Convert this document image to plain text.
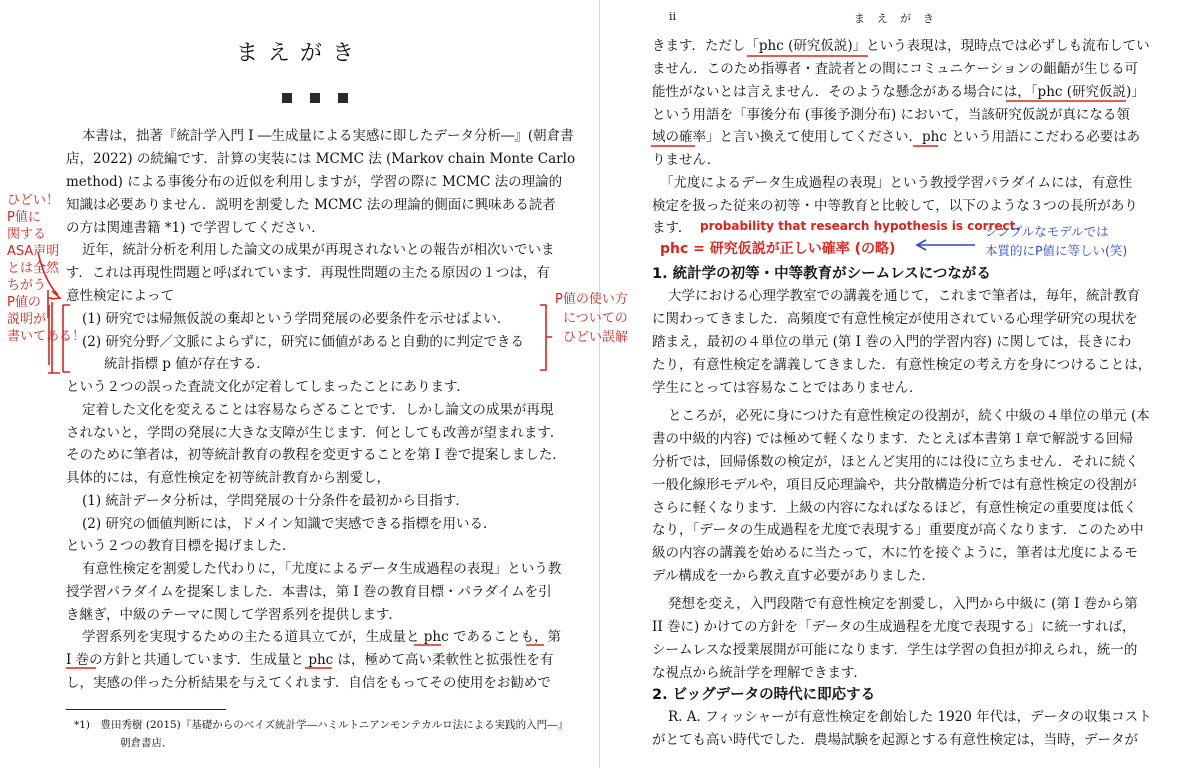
まえがき
本書は，拙著『統計学入門 I ―生成量による実感に即したデータ分析―』(朝倉書
店，2022) の続編です．計算の実装には MCMC 法 (Markov chain Monte Carlo
method) による事後分布の近似を利用しますが，学習の際に MCMC 法の理論的
知識は必要ありません．説明を割愛した MCMC 法の理論的側面に興味ある読者
の方は関連書籍 *1) で学習してください．
近年，統計分析を利用した論文の成果が再現されないとの報告が相次いでいま
す．これは再現性問題と呼ばれています．再現性問題の主たる原因の１つは，有
意性検定によって
(1) 研究では帰無仮説の棄却という学問発展の必要条件を示せばよい．
(2) 研究分野／文脈によらずに，研究に価値があると自動的に判定できる
統計指標 p 値が存在する．
という２つの誤った査読文化が定着してしまったことにあります．
定着した文化を変えることは容易ならざることです．しかし論文の成果が再現
されないと，学問の発展に大きな支障が生じます．何としても改善が望まれます．
そのために筆者は，初等統計教育の教程を変更することを第 I 巻で提案しました．
具体的には，有意性検定を初等統計教育から割愛し，
(1) 統計データ分析は，学問発展の十分条件を最初から目指す．
(2) 研究の価値判断には，ドメイン知識で実感できる指標を用いる．
という２つの教育目標を掲げました．
有意性検定を割愛した代わりに，「尤度によるデータ生成過程の表現」という教
授学習パラダイムを提案しました．本書は，第 I 巻の教育目標・パラダイムを引
き継ぎ，中級のテーマに関して学習系列を提供します．
学習系列を実現するための主たる道具立てが，生成量と phc であることも，第
I 巻の方針と共通しています．生成量と phc は，極めて高い柔軟性と拡張性を有
し，実感の伴った分析結果を与えてくれます．自信をもってその使用をお勧めで
*1)　豊田秀樹 (2015)『基礎からのベイズ統計学―ハミルトニアンモンテカルロ法による実践的入門―』
朝倉書店．
ii	まえがき
きます．ただし「phc (研究仮説)」という表現は，現時点では必ずしも流布してい
ません．このため指導者・査読者との間にコミュニケーションの齟齬が生じる可
能性がないとは言えません．そのような懸念がある場合には，「phc (研究仮説)」
という用語を「事後分布 (事後予測分布) において，当該研究仮説が真になる領
域の確率」と言い換えて使用してください．phc という用語にこだわる必要はあ
りません．
「尤度によるデータ生成過程の表現」という教授学習パラダイムには，有意性
検定を扱った従来の初等・中等教育と比較して，以下のような３つの長所があり
ます．
1. 統計学の初等・中等教育がシームレスにつながる
大学における心理学教室での講義を通じて，これまで筆者は，毎年，統計教育
に関わってきました．高頻度で有意性検定が使用されている心理学研究の現状を
踏まえ，最初の４単位の単元 (第 I 巻の入門的学習内容) に関しては，長きにわ
たり，有意性検定を講義してきました．有意性検定の考え方を身につけることは，
学生にとっては容易なことではありません．
ところが，必死に身につけた有意性検定の役割が，続く中級の４単位の単元 (本
書の中級的内容) では極めて軽くなります．たとえば本書第１章で解説する回帰
分析では，回帰係数の検定が，ほとんど実用的には役に立ちません．それに続く
一般化線形モデルや，項目反応理論や，共分散構造分析では有意性検定の役割が
さらに軽くなります．上級の内容になればなるほど，有意性検定の重要度は低く
なり，「データの生成過程を尤度で表現する」重要度が高くなります．このため中
級の内容の講義を始めるに当たって，木に竹を接ぐように，筆者は尤度によるモ
デル構成を一から教え直す必要がありました．
発想を変え，入門段階で有意性検定を割愛し，入門から中級に (第 I 巻から第
II 巻に) かけての方針を「データの生成過程を尤度で表現する」に統一すれば，
シームレスな授業展開が可能になります．学生は学習の負担が抑えられ，統一的
な視点から統計学を理解できます．
2. ビッグデータの時代に即応する
R. A. フィッシャーが有意性検定を創始した 1920 年代は，データの収集コスト
がとても高い時代でした．農場試験を起源とする有意性検定は，当時，データが
ひどい！
P値に
関する
ASA声明
とは全然
ちがう
P値の
説明が
書いてある！
P値の使い方
についての
ひどい誤解
probability that research hypothesis is correct.
phc = 研究仮説が正しい確率 (の略)
シンプルなモデルでは
本質的にP値に等しい(笑)
